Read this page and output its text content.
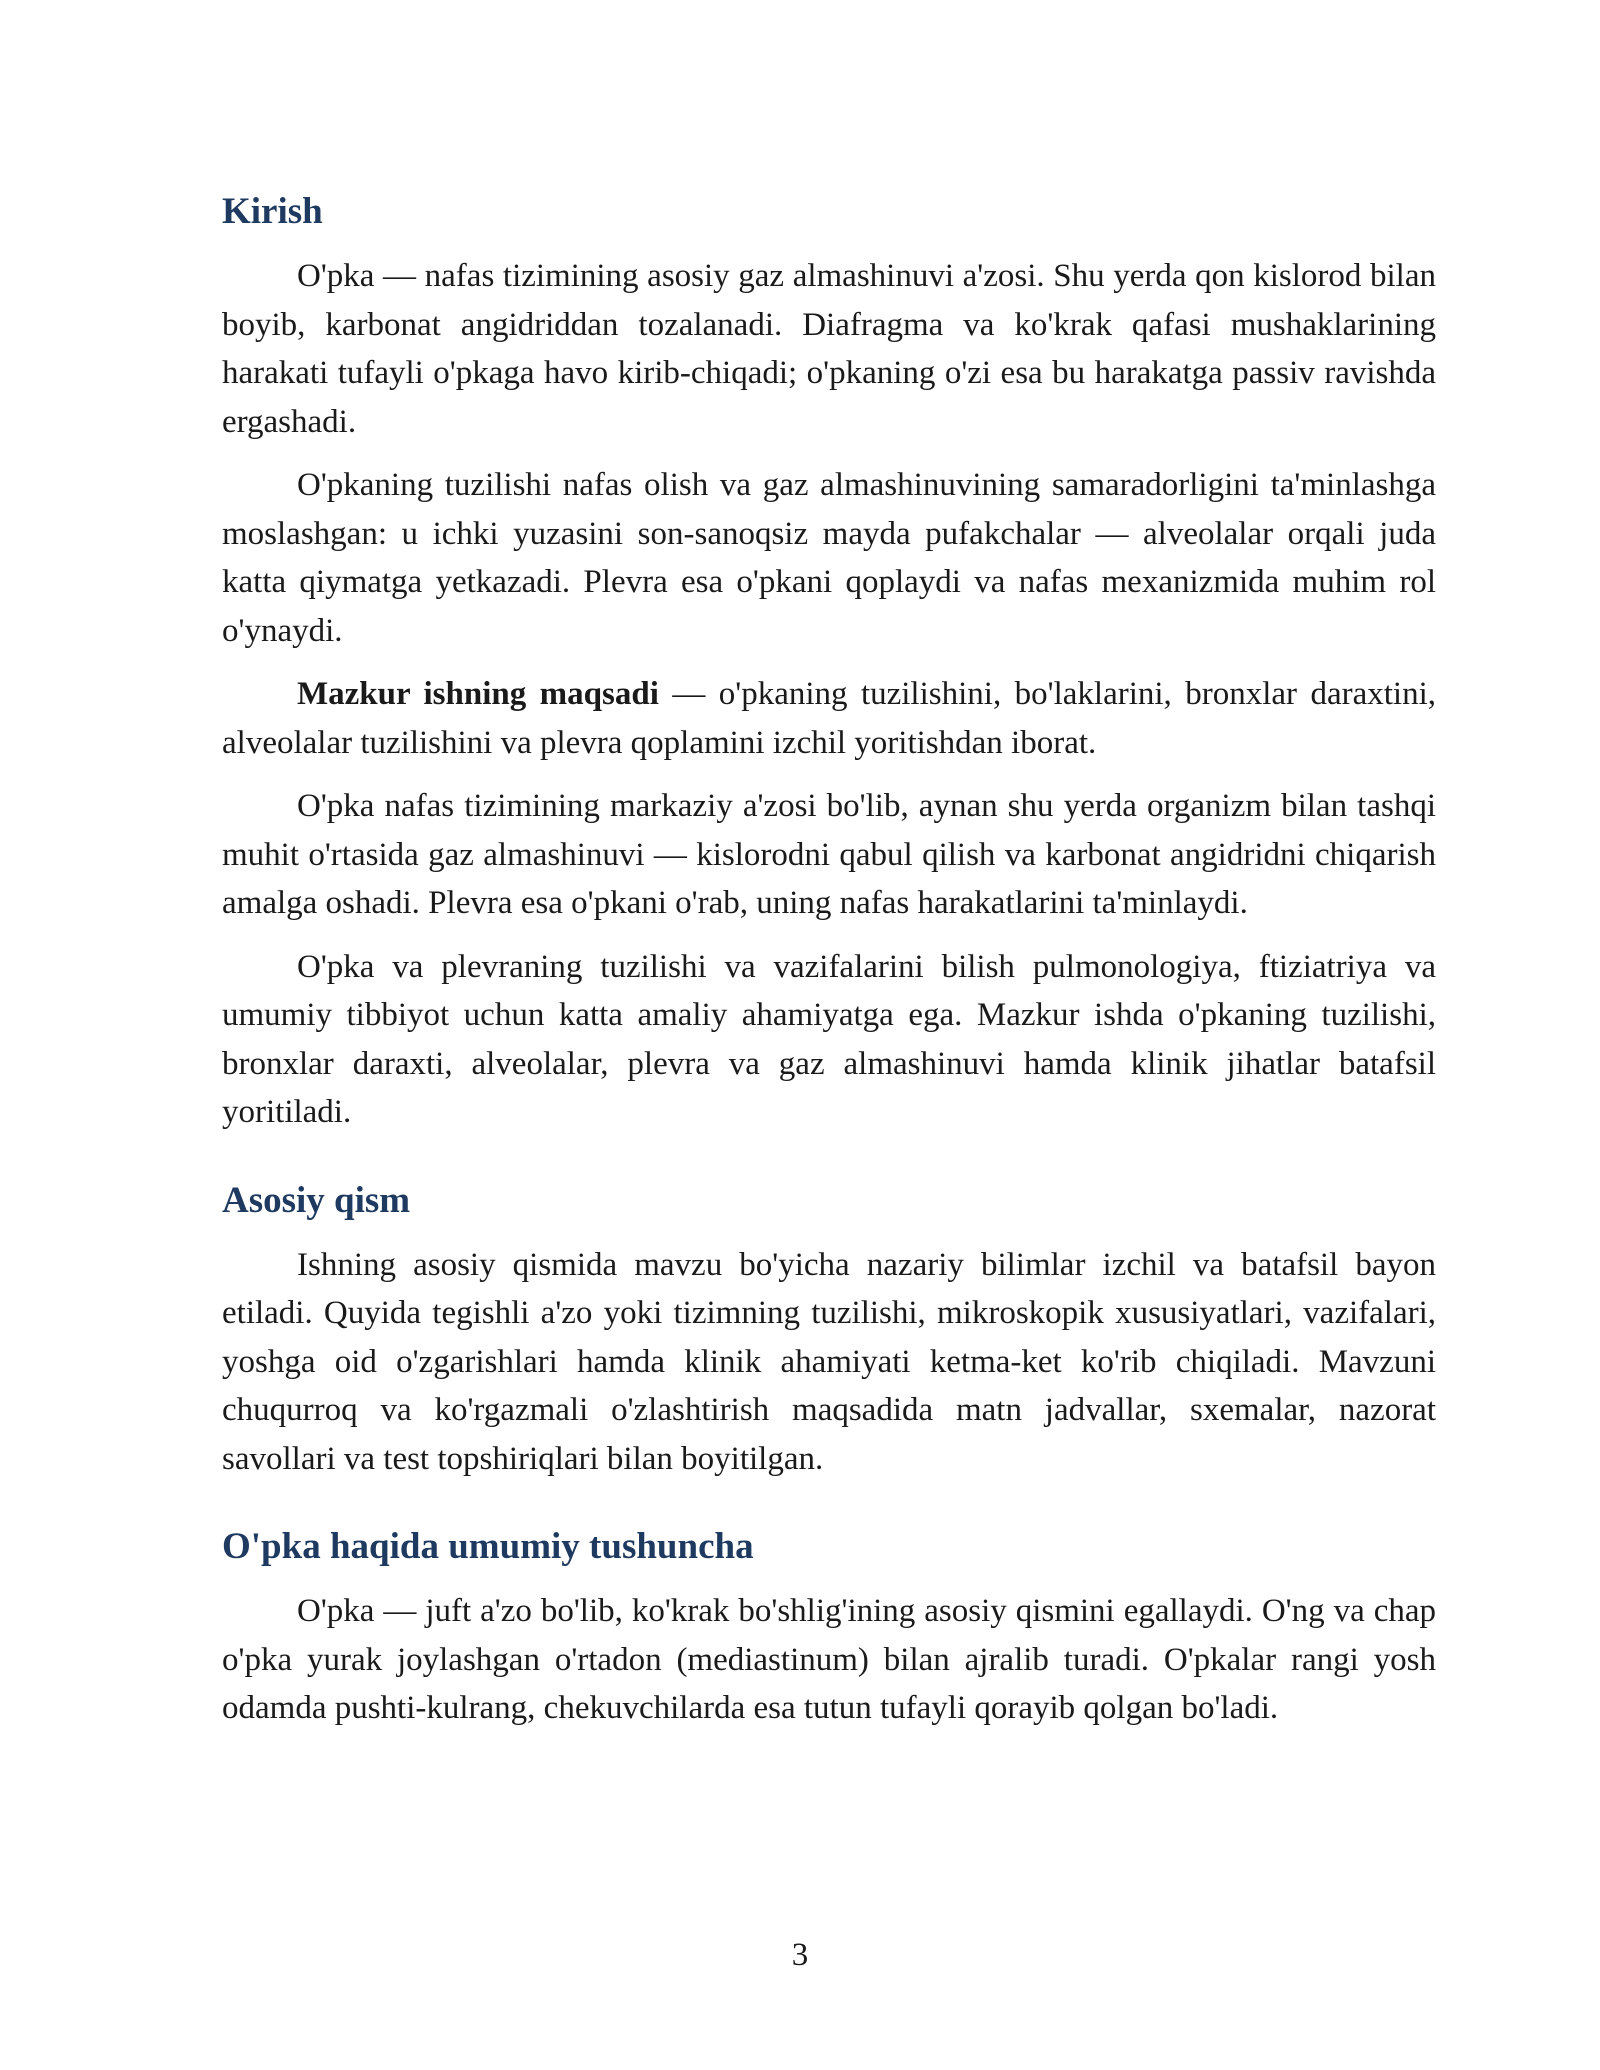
Kirish

O'pka — nafas tizimining asosiy gaz almashinuvi a'zosi. Shu yerda qon kislorod bilan boyib, karbonat angidriddan tozalanadi. Diafragma va ko'krak qafasi mushaklarining harakati tufayli o'pkaga havo kirib-chiqadi; o'pkaning o'zi esa bu harakatga passiv ravishda ergashadi.

O'pkaning tuzilishi nafas olish va gaz almashinuvining samaradorligini ta'minlashga moslashgan: u ichki yuzasini son-sanoqsiz mayda pufakchalar — alveolalar orqali juda katta qiymatga yetkazadi. Plevra esa o'pkani qoplaydi va nafas mexanizmida muhim rol o'ynaydi.

Mazkur ishning maqsadi — o'pkaning tuzilishini, bo'laklarini, bronxlar daraxtini, alveolalar tuzilishini va plevra qoplamini izchil yoritishdan iborat.

O'pka nafas tizimining markaziy a'zosi bo'lib, aynan shu yerda organizm bilan tashqi muhit o'rtasida gaz almashinuvi — kislorodni qabul qilish va karbonat angidridni chiqarish amalga oshadi. Plevra esa o'pkani o'rab, uning nafas harakatlarini ta'minlaydi.

O'pka va plevraning tuzilishi va vazifalarini bilish pulmonologiya, ftiziatriya va umumiy tibbiyot uchun katta amaliy ahamiyatga ega. Mazkur ishda o'pkaning tuzilishi, bronxlar daraxti, alveolalar, plevra va gaz almashinuvi hamda klinik jihatlar batafsil yoritiladi.

Asosiy qism

Ishning asosiy qismida mavzu bo'yicha nazariy bilimlar izchil va batafsil bayon etiladi. Quyida tegishli a'zo yoki tizimning tuzilishi, mikroskopik xususiyatlari, vazifalari, yoshga oid o'zgarishlari hamda klinik ahamiyati ketma-ket ko'rib chiqiladi. Mavzuni chuqurroq va ko'rgazmali o'zlashtirish maqsadida matn jadvallar, sxemalar, nazorat savollari va test topshiriqlari bilan boyitilgan.

O'pka haqida umumiy tushuncha

O'pka — juft a'zo bo'lib, ko'krak bo'shlig'ining asosiy qismini egallaydi. O'ng va chap o'pka yurak joylashgan o'rtadon (mediastinum) bilan ajralib turadi. O'pkalar rangi yosh odamda pushti-kulrang, chekuvchilarda esa tutun tufayli qorayib qolgan bo'ladi.

3
